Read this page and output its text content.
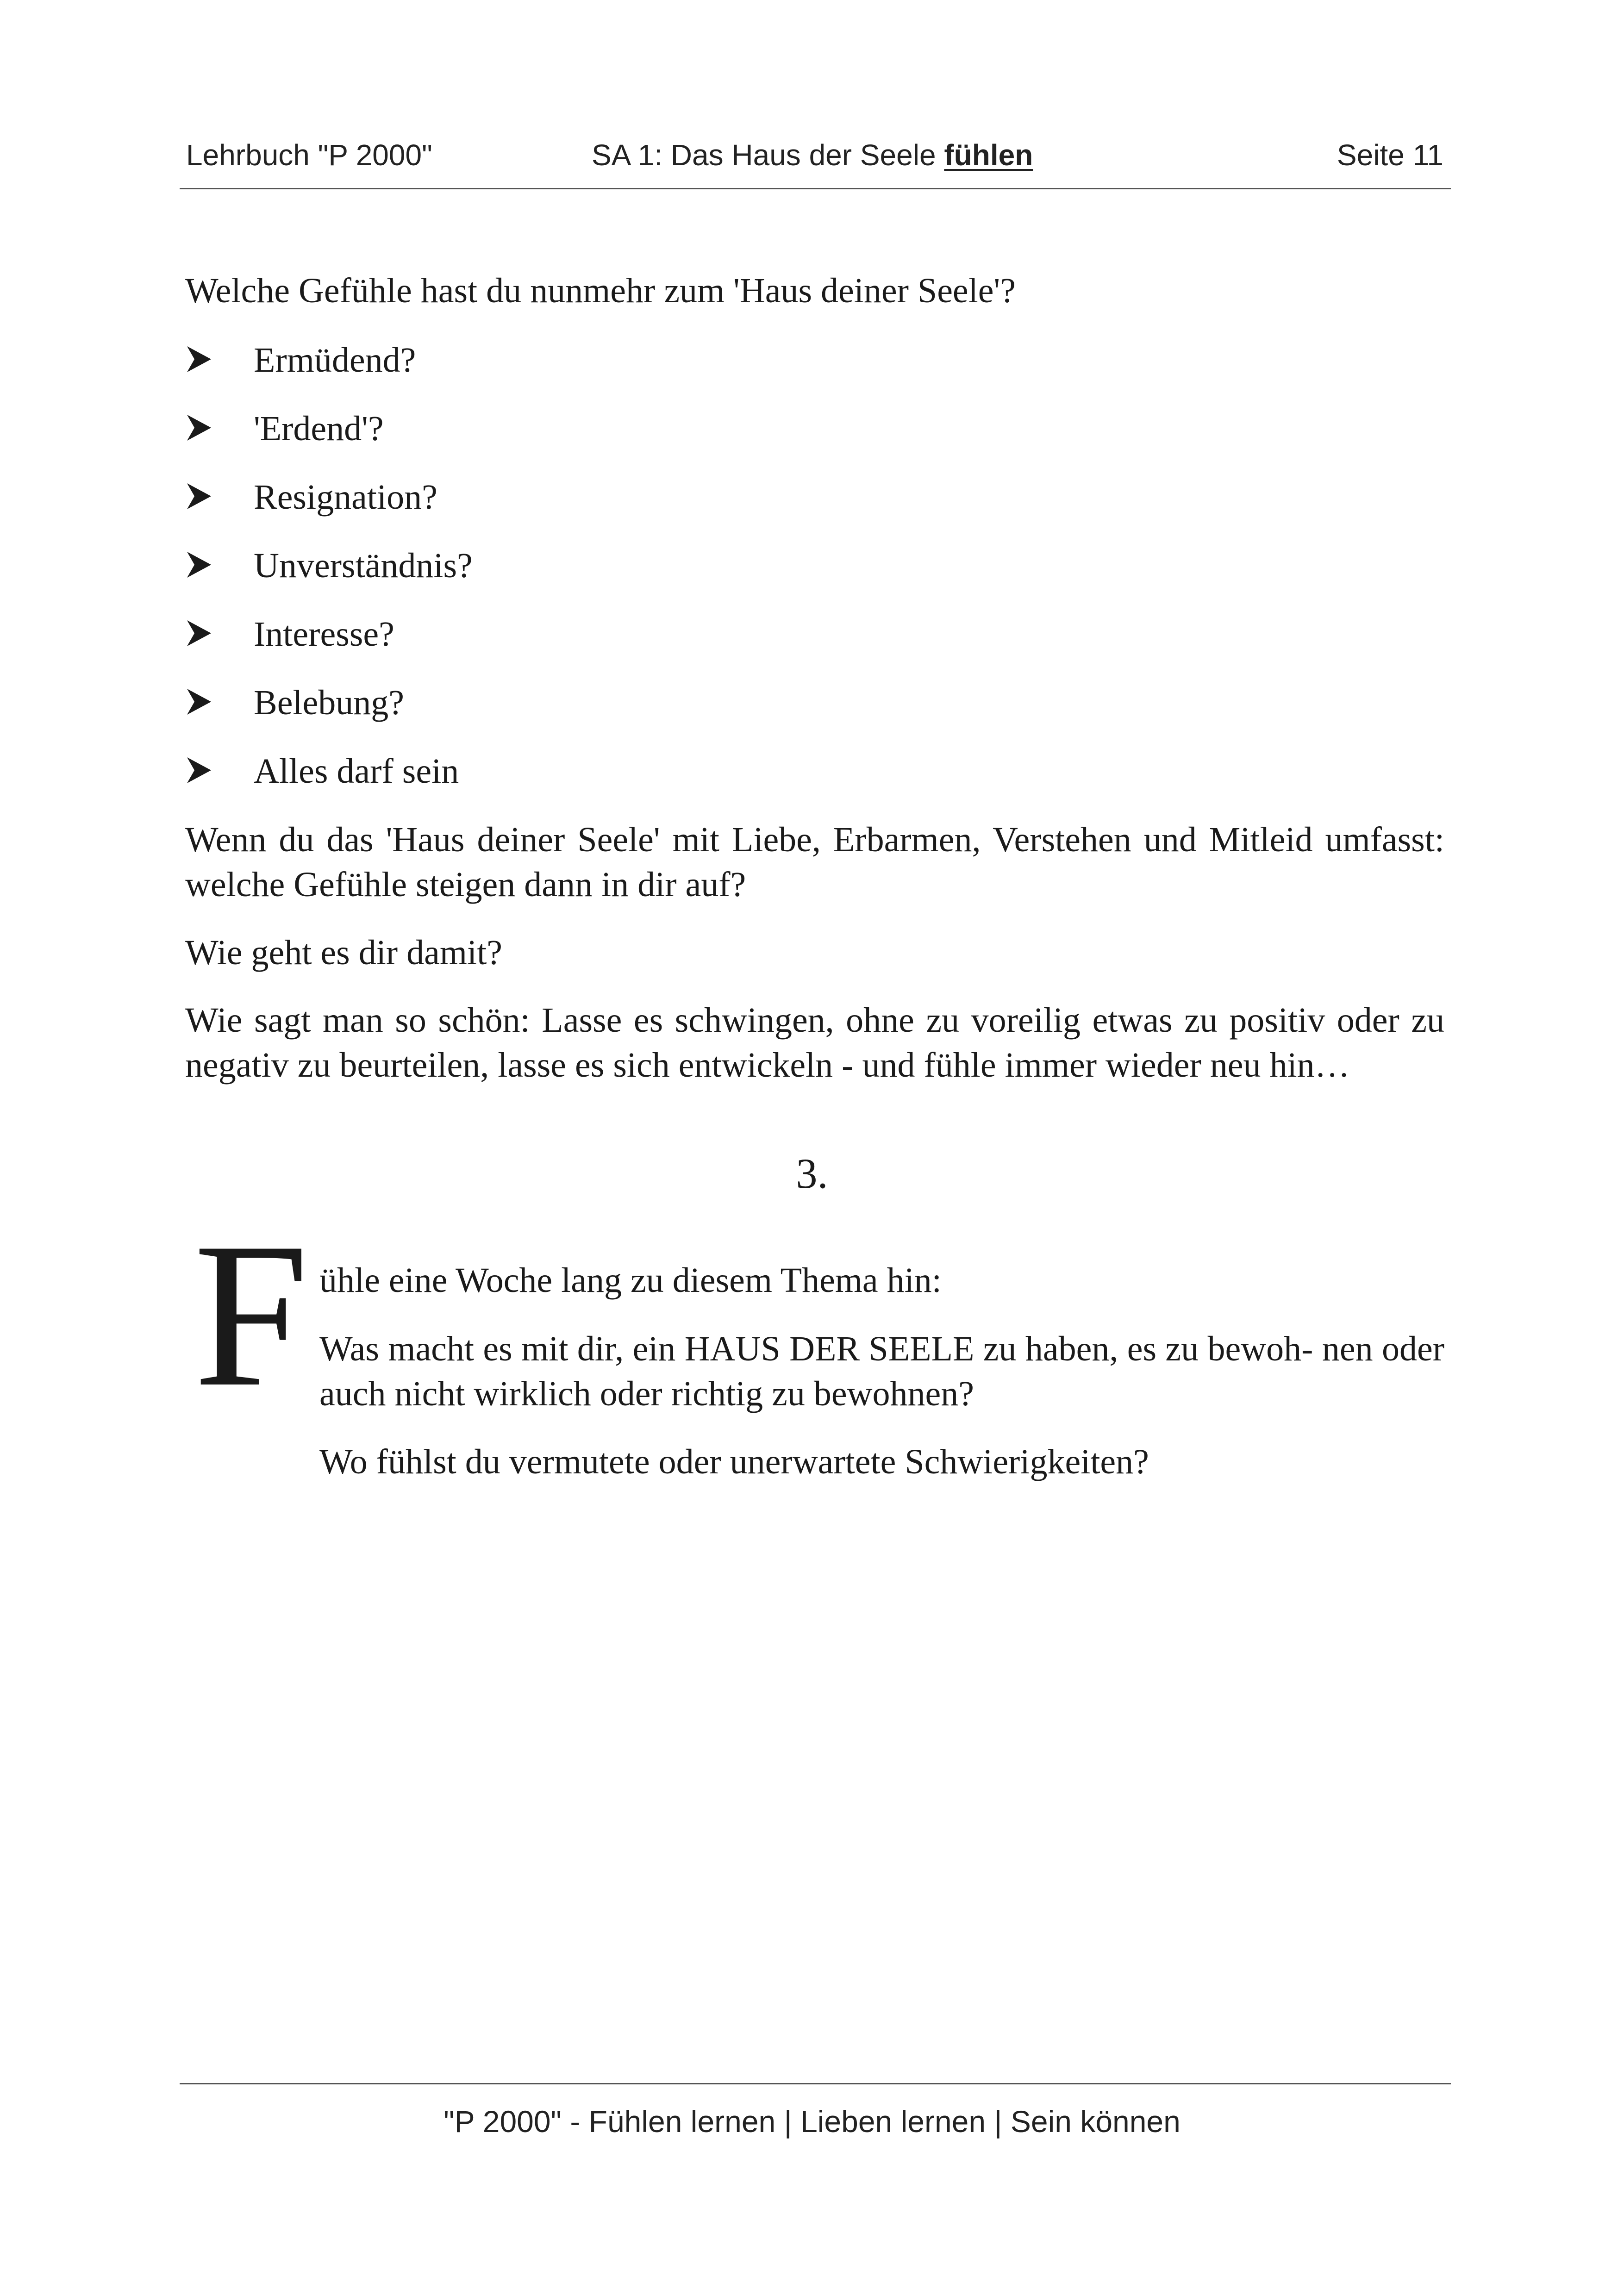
Lehrbuch "P 2000"	SA 1: Das Haus der Seele fühlen	Seite 11

Welche Gefühle hast du nunmehr zum 'Haus deiner Seele'?

Ermüdend?
'Erdend'?
Resignation?
Unverständnis?
Interesse?
Belebung?
Alles darf sein

Wenn du das 'Haus deiner Seele' mit Liebe, Erbarmen, Verstehen und Mitleid umfasst: welche Gefühle steigen dann in dir auf?

Wie geht es dir damit?

Wie sagt man so schön: Lasse es schwingen, ohne zu voreilig etwas zu positiv oder zu negativ zu beurteilen, lasse es sich entwickeln - und fühle immer wieder neu hin…

3.
F ühle eine Woche lang zu diesem Thema hin:

Was macht es mit dir, ein HAUS DER SEELE zu haben, es zu bewoh- nen oder auch nicht wirklich oder richtig zu bewohnen?

Wo fühlst du vermutete oder unerwartete Schwierigkeiten?

"P 2000" - Fühlen lernen | Lieben lernen | Sein können
